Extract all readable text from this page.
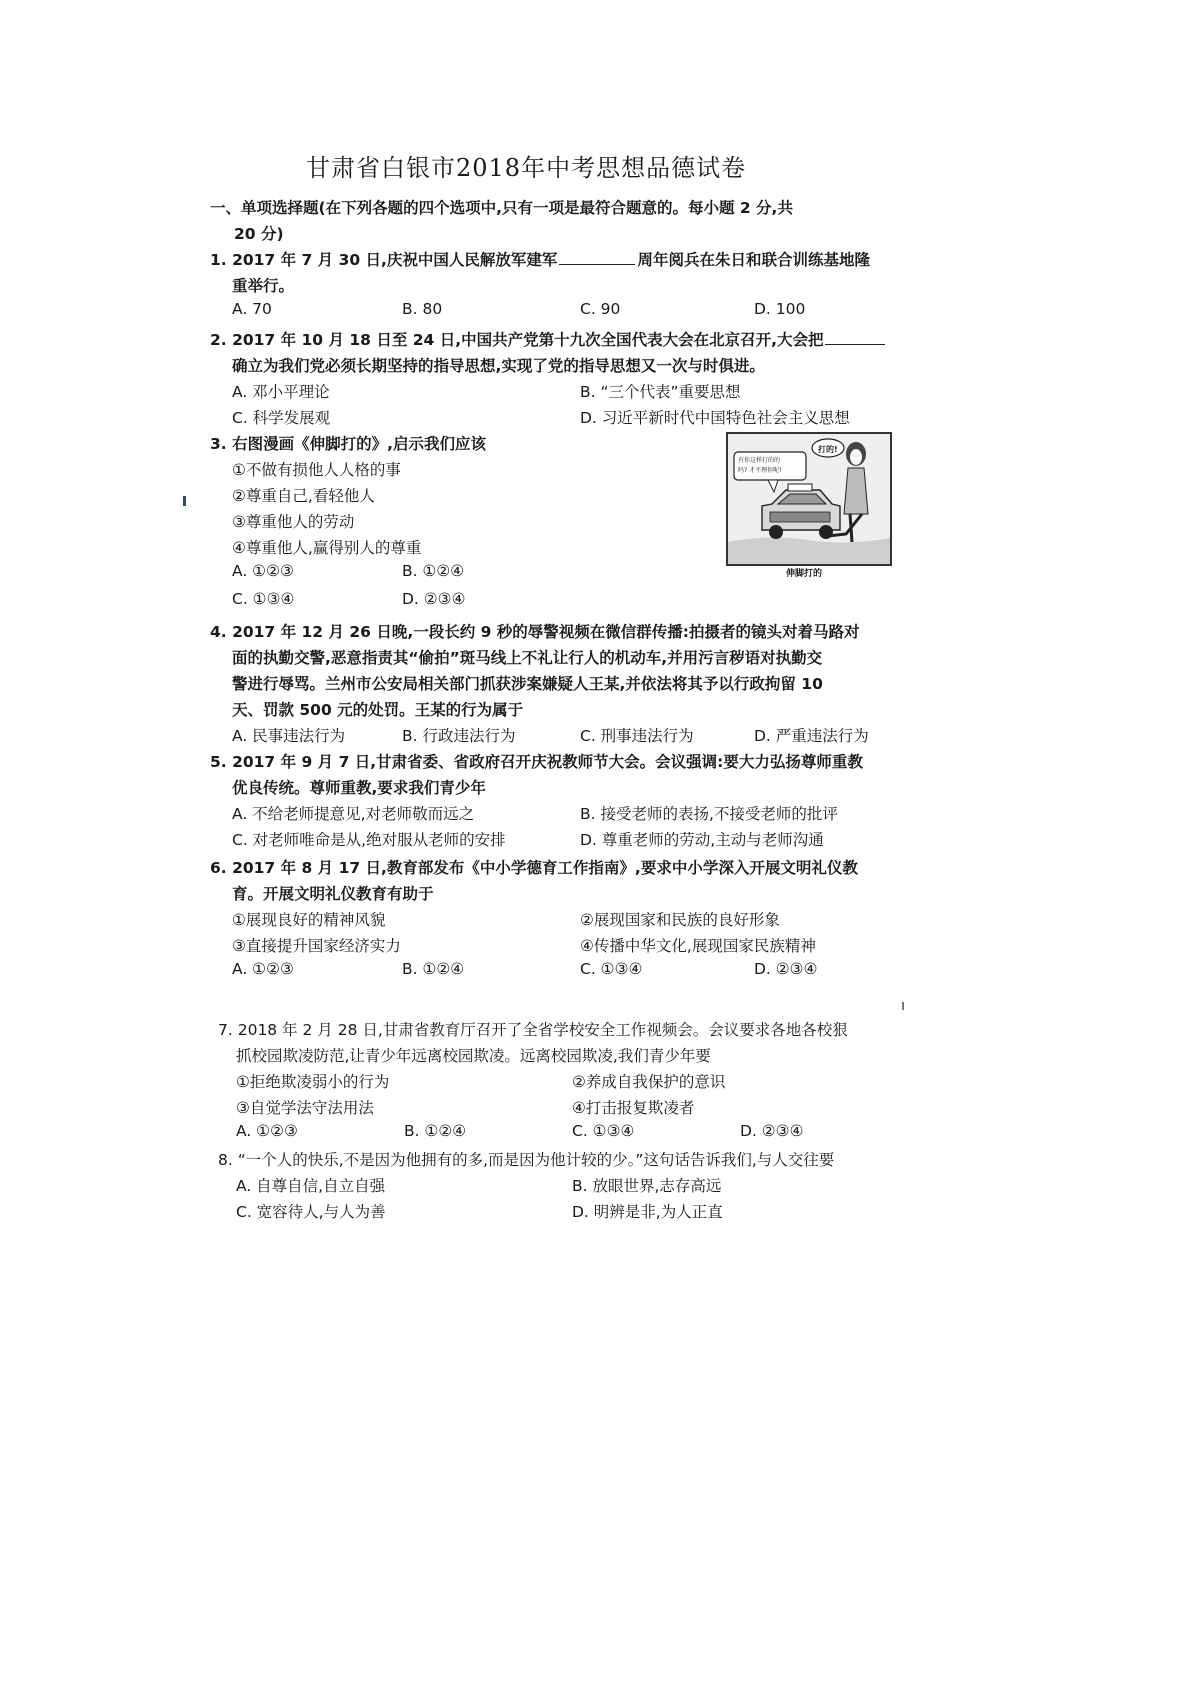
甘肃省白银市2018年中考思想品德试卷
一、单项选择题(在下列各题的四个选项中,只有一项是最符合题意的。每小题 2 分,共
20 分)
1. 2017 年 7 月 30 日,庆祝中国人民解放军建军	周年阅兵在朱日和联合训练基地隆
重举行。
A. 70	B. 80	C. 90	D. 100
2. 2017 年 10 月 18 日至 24 日,中国共产党第十九次全国代表大会在北京召开,大会把
确立为我们党必须长期坚持的指导思想,实现了党的指导思想又一次与时俱进。
A. 邓小平理论	B. “三个代表”重要思想
C. 科学发展观	D. 习近平新时代中国特色社会主义思想
3. 右图漫画《伸脚打的》,启示我们应该
①不做有损他人人格的事
②尊重自己,看轻他人
③尊重他人的劳动
④尊重他人,赢得别人的尊重
A. ①②③	B. ①②④
C. ①③④	D. ②③④
有你这样打的的
吗? 才不理你呢!
打的!
伸脚打的
4. 2017 年 12 月 26 日晚,一段长约 9 秒的辱警视频在微信群传播:拍摄者的镜头对着马路对
面的执勤交警,恶意指责其“偷拍”斑马线上不礼让行人的机动车,并用污言秽语对执勤交
警进行辱骂。兰州市公安局相关部门抓获涉案嫌疑人王某,并依法将其予以行政拘留 10
天、罚款 500 元的处罚。王某的行为属于
A. 民事违法行为	B. 行政违法行为	C. 刑事违法行为	D. 严重违法行为
5. 2017 年 9 月 7 日,甘肃省委、省政府召开庆祝教师节大会。会议强调:要大力弘扬尊师重教
优良传统。尊师重教,要求我们青少年
A. 不给老师提意见,对老师敬而远之	B. 接受老师的表扬,不接受老师的批评
C. 对老师唯命是从,绝对服从老师的安排	D. 尊重老师的劳动,主动与老师沟通
6. 2017 年 8 月 17 日,教育部发布《中小学德育工作指南》,要求中小学深入开展文明礼仪教
育。开展文明礼仪教育有助于
①展现良好的精神风貌	②展现国家和民族的良好形象
③直接提升国家经济实力	④传播中华文化,展现国家民族精神
A. ①②③	B. ①②④	C. ①③④	D. ②③④
7. 2018 年 2 月 28 日,甘肃省教育厅召开了全省学校安全工作视频会。会议要求各地各校狠
抓校园欺凌防范,让青少年远离校园欺凌。远离校园欺凌,我们青少年要
①拒绝欺凌弱小的行为	②养成自我保护的意识
③自觉学法守法用法	④打击报复欺凌者
A. ①②③	B. ①②④	C. ①③④	D. ②③④
8. “一个人的快乐,不是因为他拥有的多,而是因为他计较的少。”这句话告诉我们,与人交往要
A. 自尊自信,自立自强	B. 放眼世界,志存高远
C. 宽容待人,与人为善	D. 明辨是非,为人正直
